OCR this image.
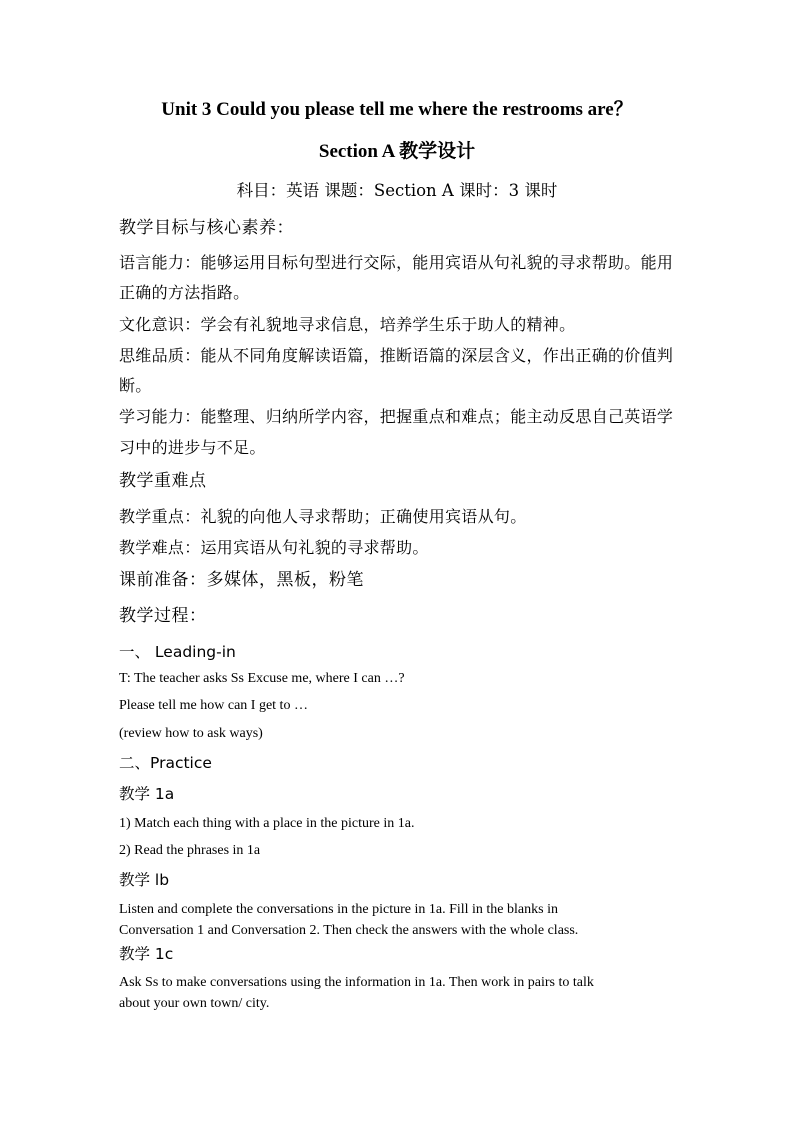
Unit 3 Could you please tell me where the restrooms are？
Section A 教学设计
科目：英语 课题：Section A 课时：3 课时
教学目标与核心素养：
语言能力：能够运用目标句型进行交际，能用宾语从句礼貌的寻求帮助。能用
正确的方法指路。
文化意识：学会有礼貌地寻求信息，培养学生乐于助人的精神。
思维品质：能从不同角度解读语篇，推断语篇的深层含义，作出正确的价值判
断。
学习能力：能整理、归纳所学内容，把握重点和难点；能主动反思自己英语学
习中的进步与不足。
教学重难点
教学重点：礼貌的向他人寻求帮助；正确使用宾语从句。
教学难点：运用宾语从句礼貌的寻求帮助。
课前准备：多媒体，黑板，粉笔
教学过程：
一、 Leading-in
T: The teacher asks Ss Excuse me, where I can …?
Please tell me how can I get to …
(review how to ask ways)
二、Practice
教学 1a
1) Match each thing with a place in the picture in 1a.
2) Read the phrases in 1a
教学 lb
Listen and complete the conversations in the picture in 1a. Fill in the blanks in
Conversation 1 and Conversation 2. Then check the answers with the whole class.
教学 1c
Ask Ss to make conversations using the information in 1a. Then work in pairs to talk
about your own town/ city.
